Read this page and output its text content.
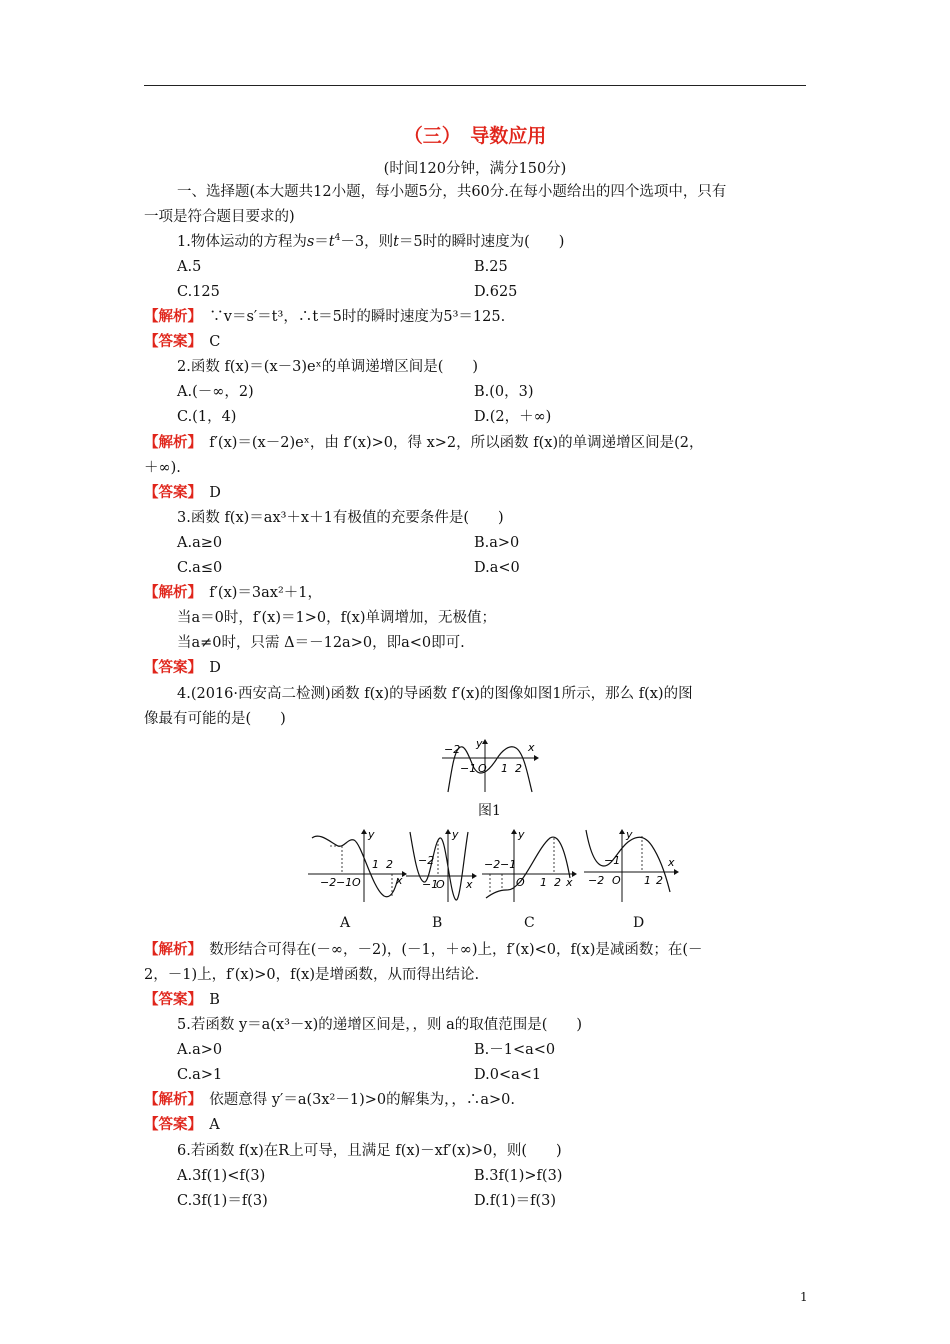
（三）　导数应用
(时间120分钟，满分150分)
一、选择题(本大题共12小题，每小题5分，共60分.在每小题给出的四个选项中，只有
一项是符合题目要求的)
1.物体运动的方程为$s=t^4-3$，则t＝5时的瞬时速度为(　　)
A.5	B.25
C.125	D.625
【解析】　 ∵v＝s′＝t³，∴t＝5时的瞬时速度为5³＝125.
【答案】　 C
2.函数 f(x)＝(x－3)eˣ的单调递增区间是(　　)
A.(－∞，2)	B.(0，3)
C.(1，4)	D.(2，＋∞)
【解析】　 f′(x)＝(x－2)eˣ，由 f′(x)>0，得 x>2，所以函数 f(x)的单调递增区间是(2，
＋∞).
【答案】　 D
3.函数 f(x)＝ax³＋x＋1有极值的充要条件是(　　)
A.a≥0	B.a>0
C.a≤0	D.a<0
【解析】　 f′(x)＝3ax²＋1，
当a＝0时，f′(x)＝1>0，f(x)单调增加，无极值；
当a≠0时，只需 Δ＝－12a>0，即a<0即可.
【答案】　 D
4.(2016·西安高二检测)函数 f(x)的导函数 f′(x)的图像如图1所示，那么 f(x)的图
像最有可能的是(　　)
−2
−1 O 1 2
x
y
图1
−2 −1 O
1 2
x
y
A
−2
−1
O x
y
B
−2 −1
O 1 2 x
y
C
−2
−1
O 1 2
x
y
D
【解析】　 数形结合可得在(－∞，－2)，(－1，＋∞)上，f′(x)<0，f(x)是减函数；在(－
2，－1)上，f′(x)>0，f(x)是增函数，从而得出结论.
【答案】　 B
5.若函数 y＝a(x³－x)的递增区间是，，则 a的取值范围是(　　)
A.a>0	B.－1<a<0
C.a>1	D.0<a<1
【解析】　 依题意得 y′＝a(3x²－1)>0的解集为，，∴a>0.
【答案】　 A
6.若函数 f(x)在R上可导，且满足 f(x)－xf′(x)>0，则(　　)
A.3f(1)<f(3)	B.3f(1)>f(3)
C.3f(1)＝f(3)	D.f(1)＝f(3)
1
